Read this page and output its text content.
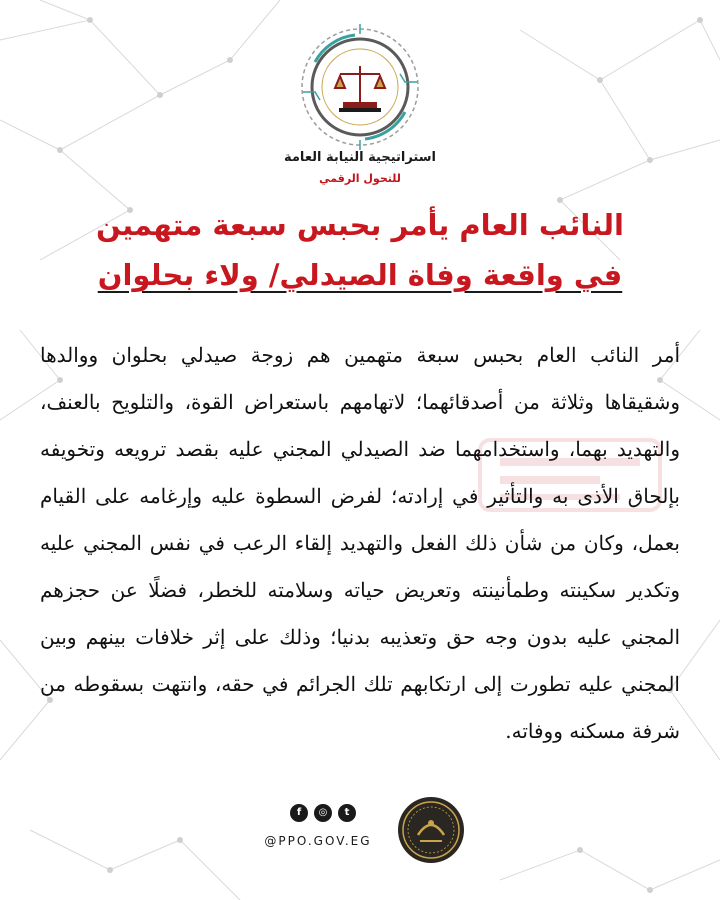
استراتيجية النيابة العامة
للتحول الرقمي
النائب العام يأمر بحبس سبعة متهمين
في واقعة وفاة الصيدلي/ ولاء بحلوان
أمر النائب العام بحبس سبعة متهمين هم زوجة صيدلي بحلوان ووالدها وشقيقاها وثلاثة من أصدقائهما؛ لاتهامهم باستعراض القوة، والتلويح بالعنف، والتهديد بهما، واستخدامهما ضد الصيدلي المجني عليه بقصد ترويعه وتخويفه بإلحاق الأذى به والتأثير في إرادته؛ لفرض السطوة عليه وإرغامه على القيام بعمل، وكان من شأن ذلك الفعل والتهديد إلقاء الرعب في نفس المجني عليه وتكدير سكينته وطمأنينته وتعريض حياته وسلامته للخطر، فضلًا عن حجزهم المجني عليه بدون وجه حق وتعذيبه بدنيا؛ وذلك على إثر خلافات بينهم وبين المجني عليه تطورت إلى ارتكابهم تلك الجرائم في حقه، وانتهت بسقوطه من شرفة مسكنه ووفاته.
f	◎	t
@PPO.GOV.EG
